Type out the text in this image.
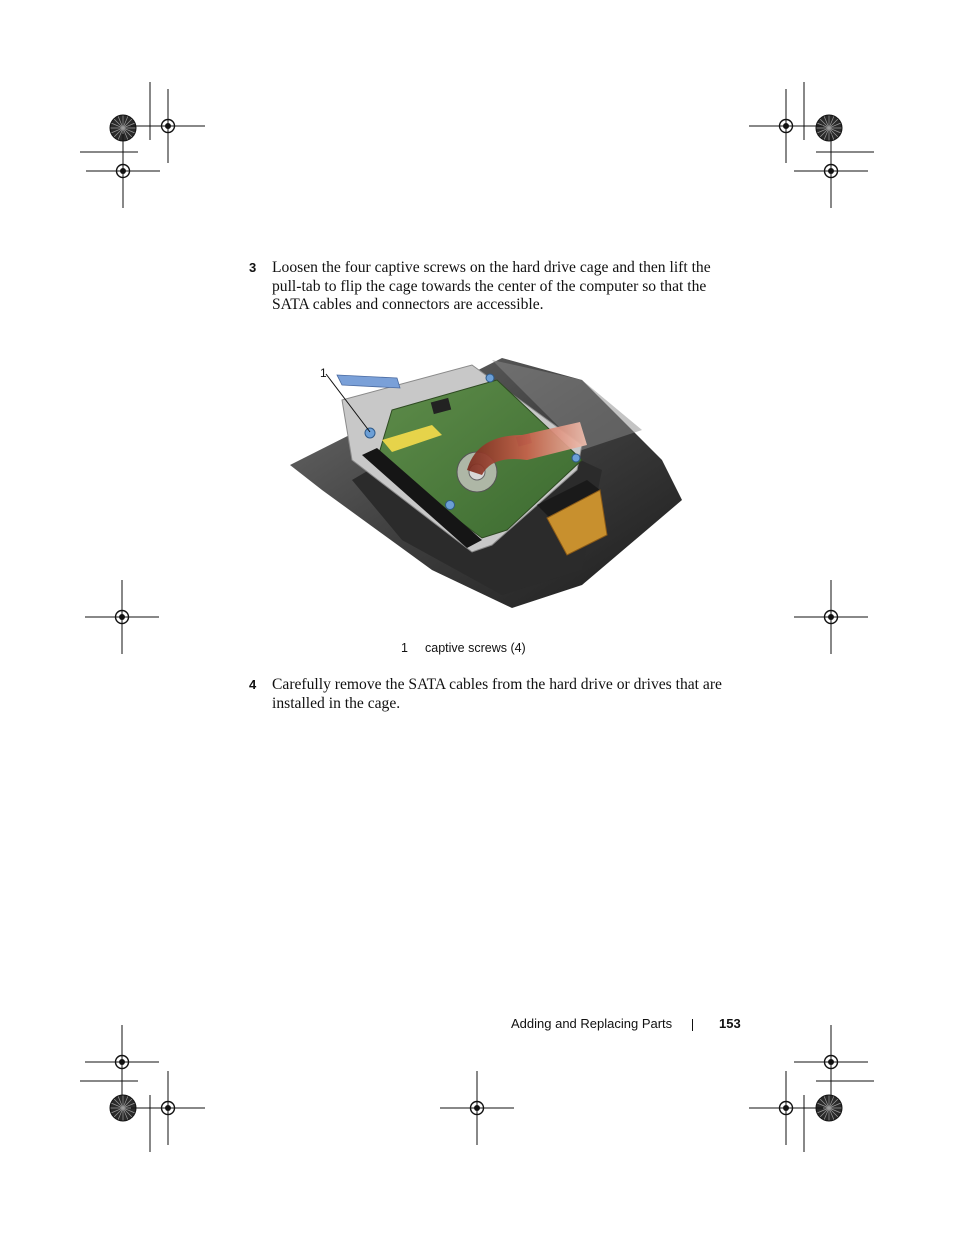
3 Loosen the four captive screws on the hard drive cage and then lift the pull-tab to flip the cage towards the center of the computer so that the SATA cables and connectors are accessible.
1
1 captive screws (4)
4 Carefully remove the SATA cables from the hard drive or drives that are installed in the cage.
Adding and Replacing Parts	153
